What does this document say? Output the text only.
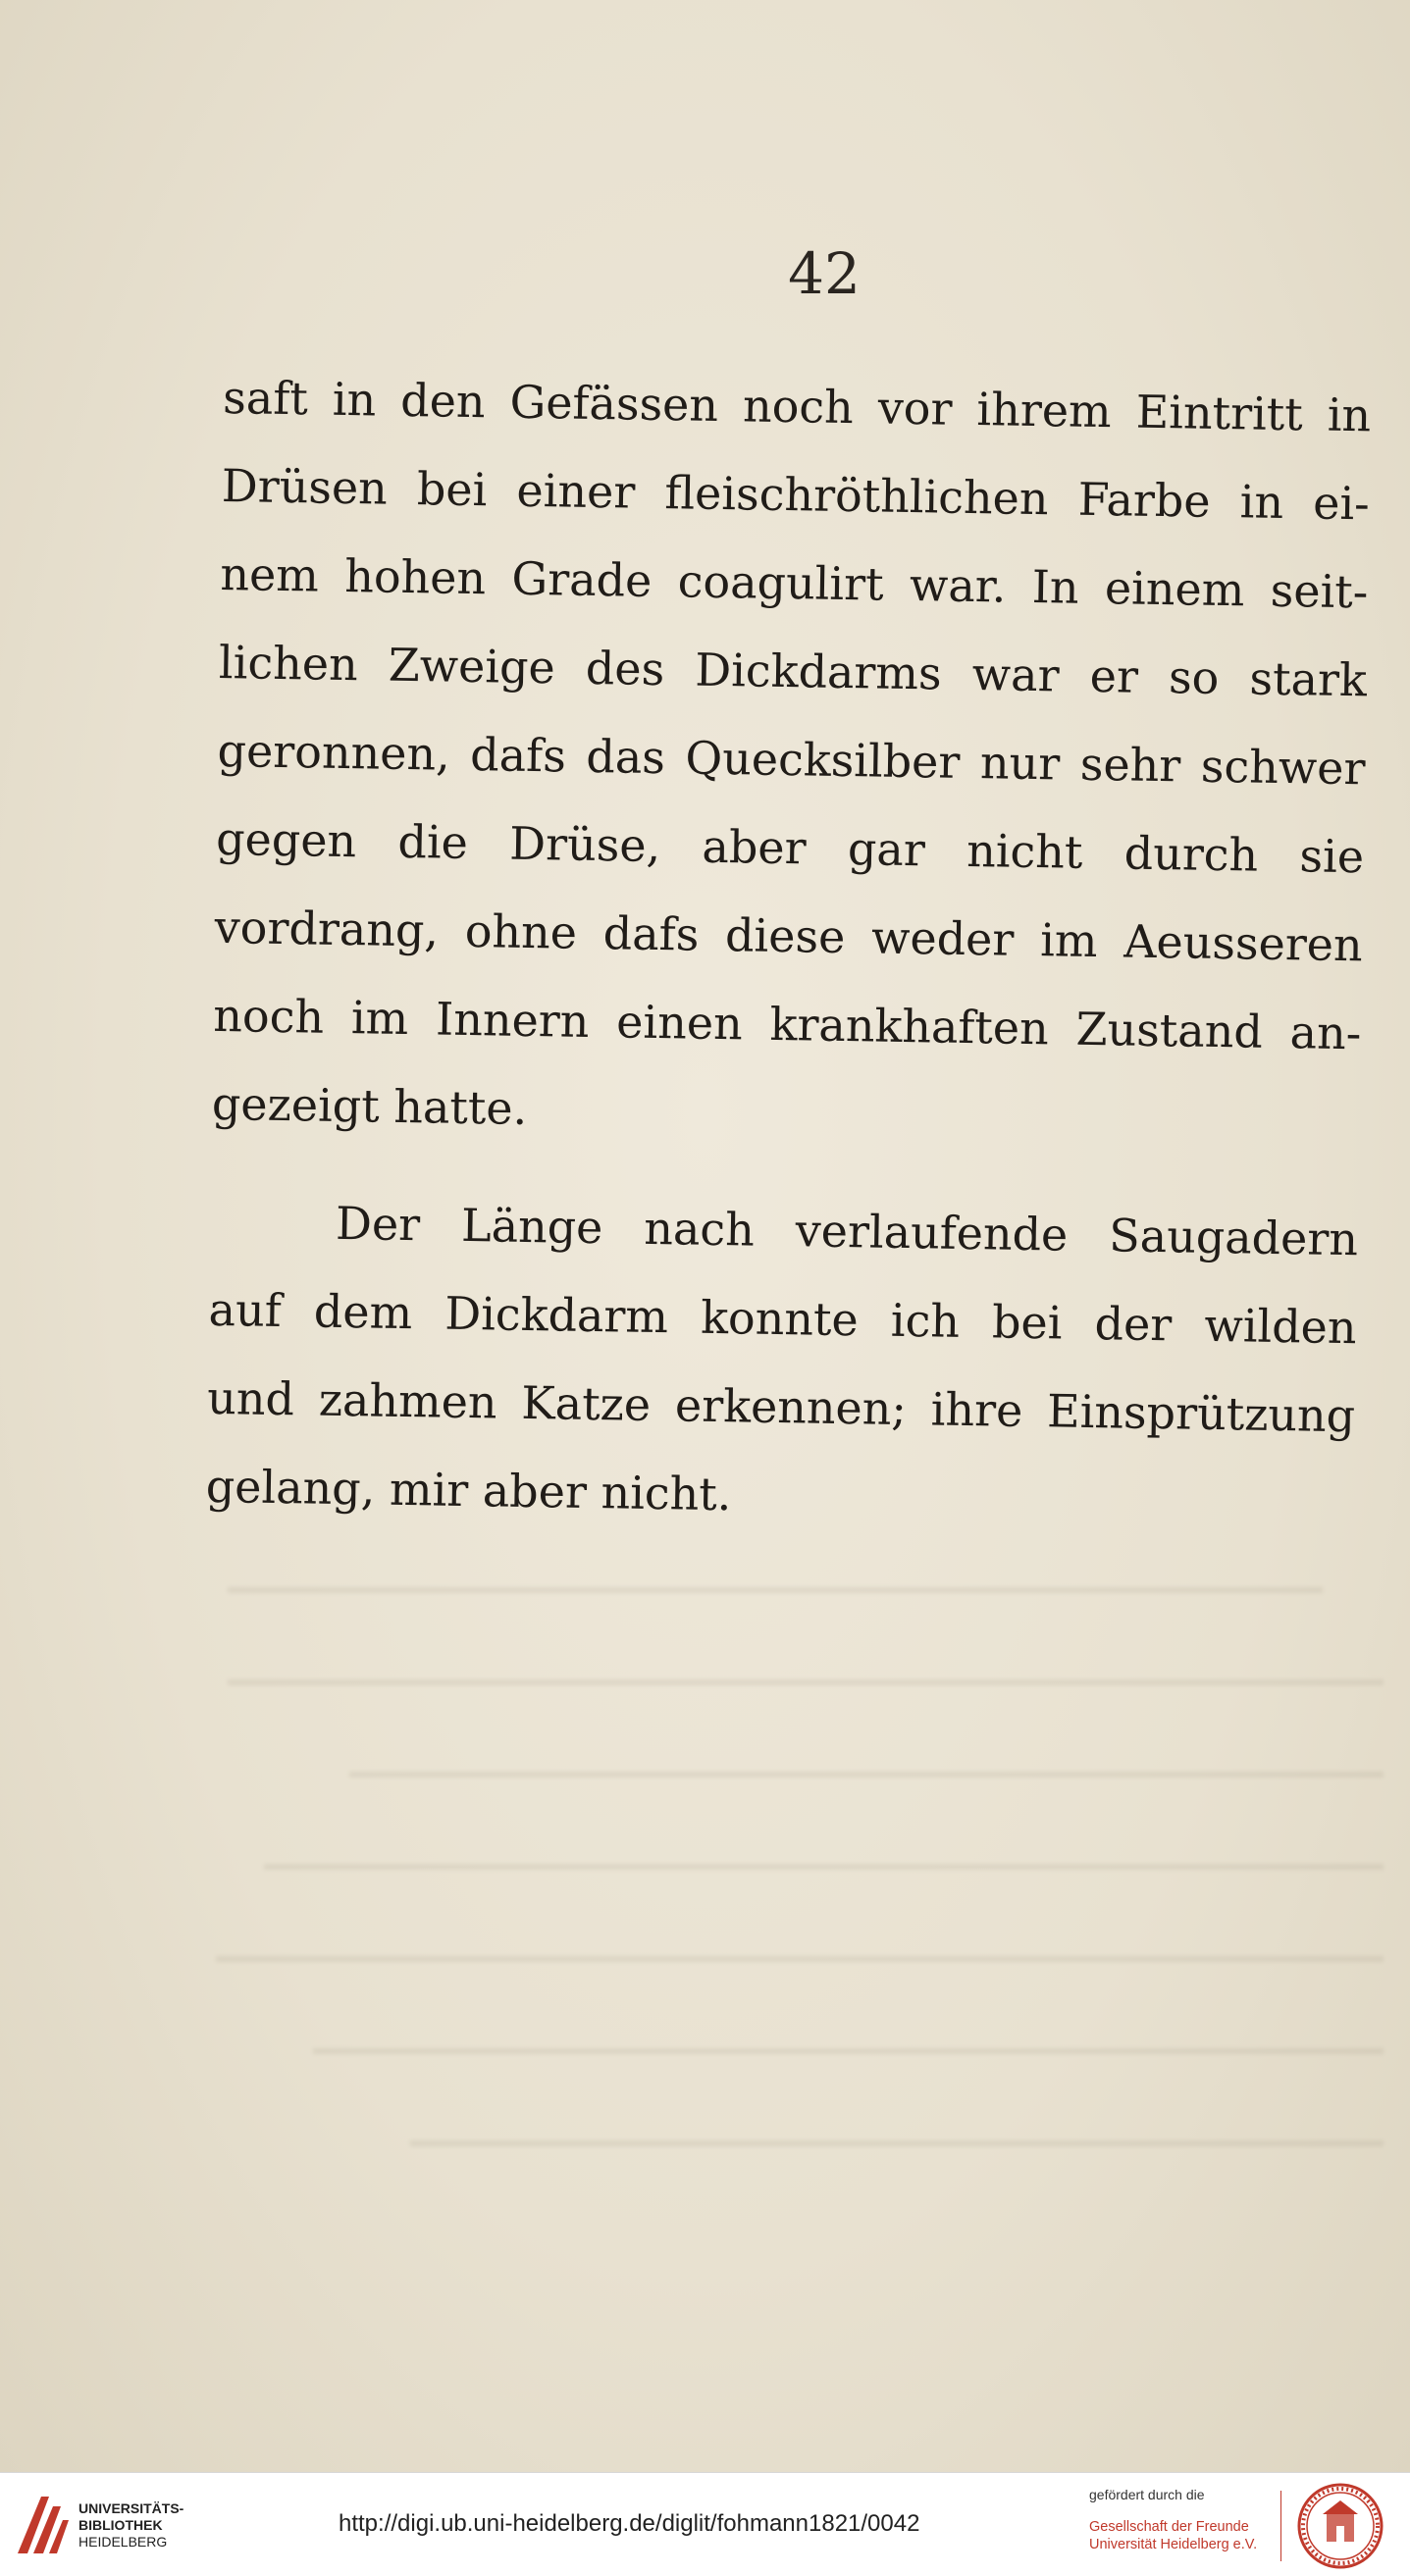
42
saft in den Gefässen noch vor ihrem Eintritt in
Drüsen bei einer fleischröthlichen Farbe in ei-
nem hohen Grade coagulirt war. In einem seit-
lichen Zweige des Dickdarms war er so stark
geronnen, dafs das Quecksilber nur sehr schwer
gegen die Drüse, aber gar nicht durch sie
vordrang, ohne dafs diese weder im Aeusseren
noch im Innern einen krankhaften Zustand an-
gezeigt hatte.
Der Länge nach verlaufende Saugadern
auf dem Dickdarm konnte ich bei der wilden
und zahmen Katze erkennen; ihre Einsprützung
gelang, mir aber nicht.
UNIVERSITÄTS-
BIBLIOTHEK
HEIDELBERG
http://digi.ub.uni-heidelberg.de/diglit/fohmann1821/0042
gefördert durch die
Gesellschaft der Freunde
Universität Heidelberg e.V.
